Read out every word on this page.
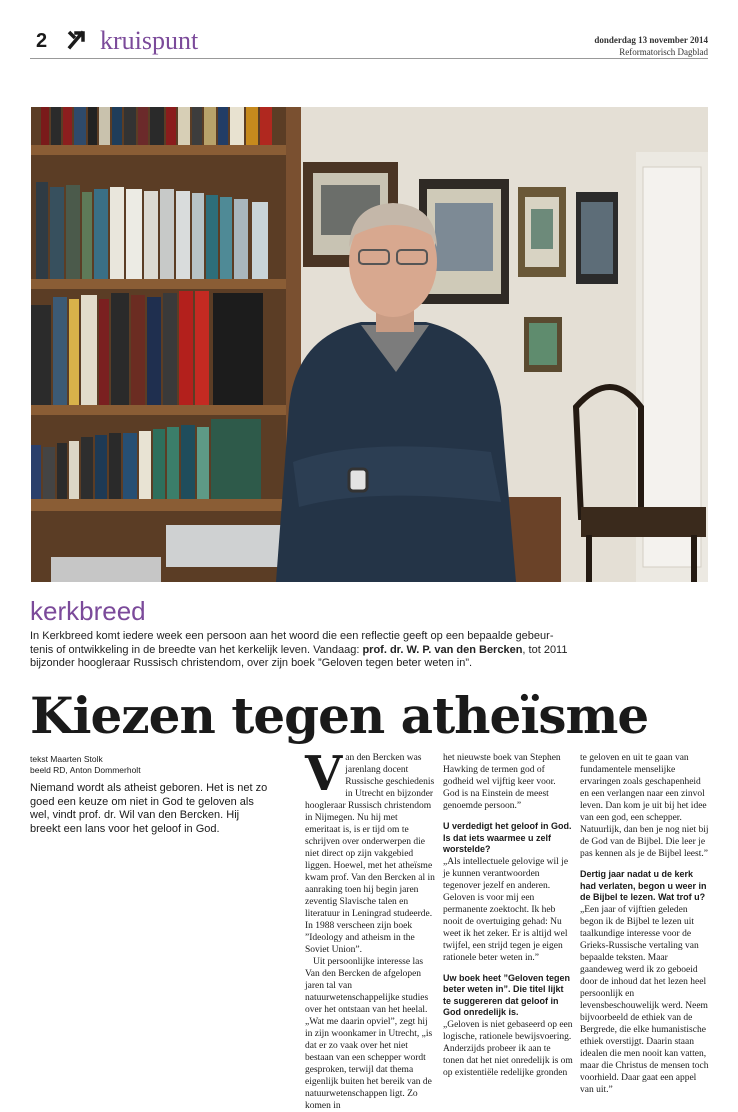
2 kruispunt	donderdag 13 november 2014
Reformatorisch Dagblad
kerkbreed
In Kerkbreed komt iedere week een persoon aan het woord die een reflectie geeft op een bepaalde gebeurtenis of ontwikkeling in de breedte van het kerkelijk leven. Vandaag: prof. dr. W. P. van den Bercken, tot 2011 bijzonder hoogleraar Russisch christendom, over zijn boek ”Geloven tegen beter weten in”.
Kiezen tegen atheïsme
tekst Maarten Stolk
beeld RD, Anton Dommerholt
Niemand wordt als atheist geboren. Het is net zo goed een keuze om niet in God te geloven als wel, vindt prof. dr. Wil van den Bercken. Hij breekt een lans voor het geloof in God.
V an den Bercken was jarenlang docent Russische geschiedenis in Utrecht en bijzonder hoogleraar Russisch christendom in Nijmegen. Nu hij met emeritaat is, is er tijd om te schrijven over onderwerpen die niet direct op zijn vakgebied liggen. Hoewel, met het atheïsme kwam prof. Van den Bercken al in aanraking toen hij begin jaren zeventig Slavische talen en literatuur in Leningrad studeerde. In 1988 verscheen zijn boek ”Ideology and atheism in the Soviet Union”.

Uit persoonlijke interesse las Van den Bercken de afgelopen jaren tal van natuurwetenschappelijke studies over het ontstaan van het heelal. „Wat me daarin opviel”, zegt hij in zijn woonkamer in Utrecht, „is dat er zo vaak over het niet bestaan van een schepper wordt gesproken, terwijl dat thema eigenlijk buiten het bereik van de natuurwetenschappen ligt. Zo komen in

het nieuwste boek van Stephen Hawking de termen god of godheid wel vijftig keer voor. God is na Einstein de meest genoemde persoon.”

U verdedigt het geloof in God. Is dat iets waarmee u zelf worstelde?

„Als intellectuele gelovige wil je je kunnen verantwoorden tegenover jezelf en anderen. Geloven is voor mij een permanente zoektocht. Ik heb nooit de overtuiging gehad: Nu weet ik het zeker. Er is altijd wel twijfel, een strijd tegen je eigen rationele beter weten in.”

Uw boek heet ”Geloven tegen beter weten in”. Die titel lijkt te suggereren dat geloof in God onredelijk is.

„Geloven is niet gebaseerd op een logische, rationele bewijsvoering. Anderzijds probeer ik aan te tonen dat het niet onredelijk is om op existentiële redelijke gronden

te geloven en uit te gaan van fundamentele menselijke ervaringen zoals geschapenheid en een verlangen naar een zinvol leven. Dan kom je uit bij het idee van een god, een schepper. Natuurlijk, dan ben je nog niet bij de God van de Bijbel. Die leer je pas kennen als je de Bijbel leest.”

Dertig jaar nadat u de kerk had verlaten, begon u weer in de Bijbel te lezen. Wat trof u?

„Een jaar of vijftien geleden begon ik de Bijbel te lezen uit taalkundige interesse voor de Grieks-Russische vertaling van bepaalde teksten. Maar gaandeweg werd ik zo geboeid door de inhoud dat het lezen heel persoonlijk en levensbeschouwelijk werd. Neem bijvoorbeeld de ethiek van de Bergrede, die elke humanistische ethiek overstijgt. Daarin staan idealen die men nooit kan vatten, maar die Christus de mensen toch voorhield. Daar gaat een appel van uit.”
